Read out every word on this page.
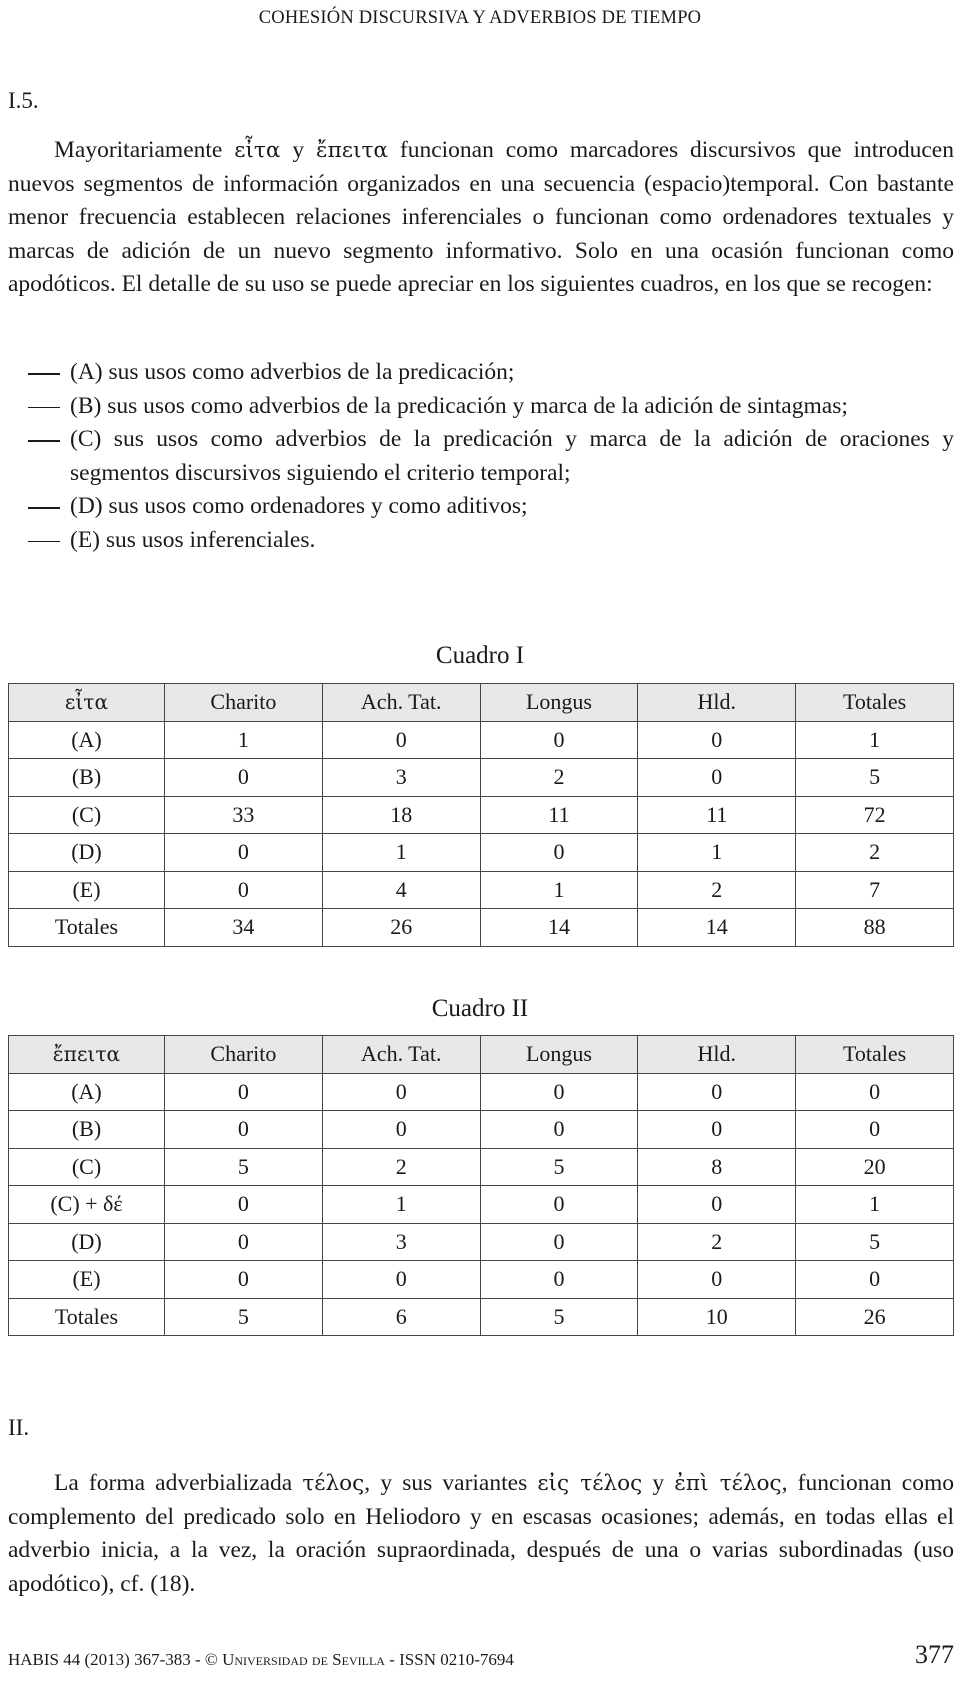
COHESIÓN DISCURSIVA Y ADVERBIOS DE TIEMPO
I.5.

Mayoritariamente εἶτα y ἔπειτα funcionan como marcadores discursivos que introducen nuevos segmentos de información organizados en una secuencia (espacio)temporal. Con bastante menor frecuencia establecen relaciones inferenciales o funcionan como ordenadores textuales y marcas de adición de un nuevo segmento informativo. Solo en una ocasión funcionan como apodóticos. El detalle de su uso se puede apreciar en los siguientes cuadros, en los que se recogen:

(A) sus usos como adverbios de la predicación;
(B) sus usos como adverbios de la predicación y marca de la adición de sintagmas;
(C) sus usos como adverbios de la predicación y marca de la adición de oraciones y segmentos discursivos siguiendo el criterio temporal;
(D) sus usos como ordenadores y como aditivos;
(E) sus usos inferenciales.
Cuadro I
εἶτα	Charito	Ach. Tat.	Longus	Hld.	Totales
(A)	1	0	0	0	1
(B)	0	3	2	0	5
(C)	33	18	11	11	72
(D)	0	1	0	1	2
(E)	0	4	1	2	7
Totales	34	26	14	14	88
Cuadro II
ἔπειτα	Charito	Ach. Tat.	Longus	Hld.	Totales
(A)	0	0	0	0	0
(B)	0	0	0	0	0
(C)	5	2	5	8	20
(C) + δέ	0	1	0	0	1
(D)	0	3	0	2	5
(E)	0	0	0	0	0
Totales	5	6	5	10	26
II.

La forma adverbializada τέλος, y sus variantes εἰς τέλος y ἐπὶ τέλος, funcionan como complemento del predicado solo en Heliodoro y en escasas ocasiones; además, en todas ellas el adverbio inicia, a la vez, la oración supraordinada, después de una o varias subordinadas (uso apodótico), cf. (18).

HABIS 44 (2013) 367-383 - © Universidad de Sevilla - ISSN 0210-7694	377
